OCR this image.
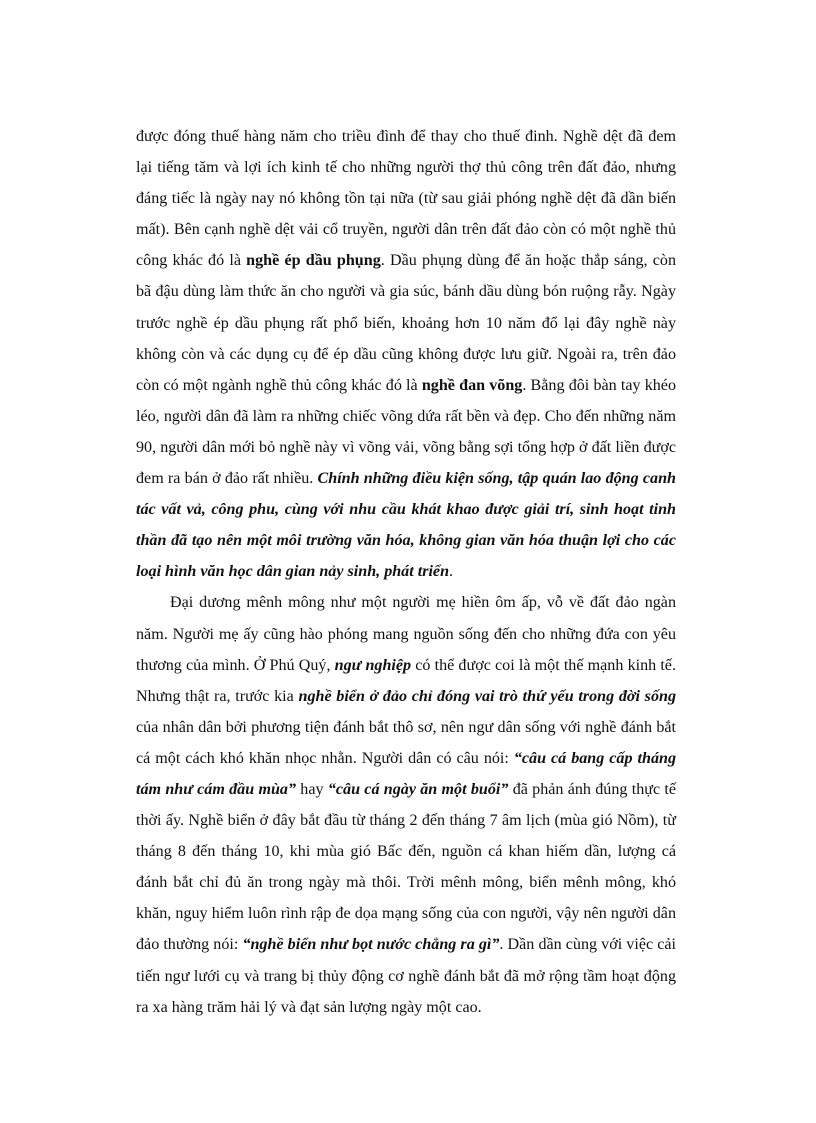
được đóng thuế hàng năm cho triều đình để thay cho thuế đinh. Nghề dệt đã đem lại tiếng tăm và lợi ích kinh tế cho những người thợ thủ công trên đất đảo, nhưng đáng tiếc là ngày nay nó không tồn tại nữa (từ sau giải phóng nghề dệt đã dần biến mất). Bên cạnh nghề dệt vải cổ truyền, người dân trên đất đảo còn có một nghề thủ công khác đó là nghề ép dầu phụng. Dầu phụng dùng để ăn hoặc thắp sáng, còn bã đậu dùng làm thức ăn cho người và gia súc, bánh dầu dùng bón ruộng rẫy. Ngày trước nghề ép dầu phụng rất phổ biến, khoảng hơn 10 năm đổ lại đây nghề này không còn và các dụng cụ để ép dầu cũng không được lưu giữ. Ngoài ra, trên đảo còn có một ngành nghề thủ công khác đó là nghề đan võng. Bằng đôi bàn tay khéo léo, người dân đã làm ra những chiếc võng dứa rất bền và đẹp. Cho đến những năm 90, người dân mới bỏ nghề này vì võng vải, võng bằng sợi tổng hợp ở đất liền được đem ra bán ở đảo rất nhiều. Chính những điều kiện sống, tập quán lao động canh tác vất vả, công phu, cùng với nhu cầu khát khao được giải trí, sinh hoạt tinh thần đã tạo nên một môi trường văn hóa, không gian văn hóa thuận lợi cho các loại hình văn học dân gian nảy sinh, phát triển.

Đại dương mênh mông như một người mẹ hiền ôm ấp, vỗ về đất đảo ngàn năm. Người mẹ ấy cũng hào phóng mang nguồn sống đến cho những đứa con yêu thương của mình. Ở Phú Quý, ngư nghiệp có thể được coi là một thế mạnh kinh tế. Nhưng thật ra, trước kia nghề biển ở đảo chỉ đóng vai trò thứ yếu trong đời sống của nhân dân bởi phương tiện đánh bắt thô sơ, nên ngư dân sống với nghề đánh bắt cá một cách khó khăn nhọc nhằn. Người dân có câu nói: “câu cá bang cấp tháng tám như cám đầu mùa” hay “câu cá ngày ăn một buổi” đã phản ánh đúng thực tế thời ấy. Nghề biển ở đây bắt đầu từ tháng 2 đến tháng 7 âm lịch (mùa gió Nồm), từ tháng 8 đến tháng 10, khi mùa gió Bấc đến, nguồn cá khan hiếm dần, lượng cá đánh bắt chỉ đủ ăn trong ngày mà thôi. Trời mênh mông, biển mênh mông, khó khăn, nguy hiểm luôn rình rập đe dọa mạng sống của con người, vậy nên người dân đảo thường nói: “nghề biển như bọt nước chẳng ra gì”. Dần dần cùng với việc cải tiến ngư lưới cụ và trang bị thủy động cơ nghề đánh bắt đã mở rộng tầm hoạt động ra xa hàng trăm hải lý và đạt sản lượng ngày một cao.
